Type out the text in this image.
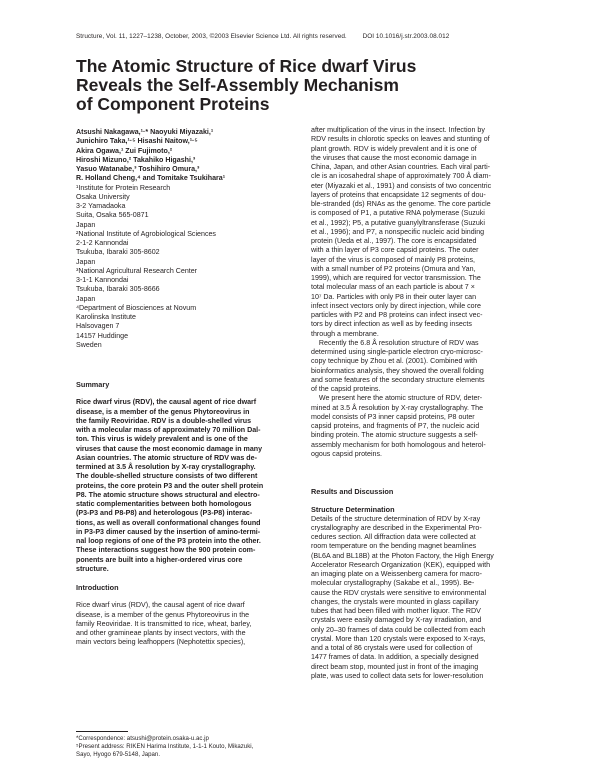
Structure, Vol. 11, 1227–1238, October, 2003, ©2003 Elsevier Science Ltd. All rights reserved. DOI 10.1016/j.str.2003.08.012
The Atomic Structure of Rice dwarf Virus
Reveals the Self-Assembly Mechanism
of Component Proteins
Atsushi Nakagawa,¹·* Naoyuki Miyazaki,¹
Junichiro Taka,¹·⁵ Hisashi Naitow,¹·⁵
Akira Ogawa,¹ Zui Fujimoto,²
Hiroshi Mizuno,² Takahiko Higashi,³
Yasuo Watanabe,³ Toshihiro Omura,³
R. Holland Cheng,⁴ and Tomitake Tsukihara¹
¹Institute for Protein Research
Osaka University
3-2 Yamadaoka
Suita, Osaka 565-0871
Japan
²National Institute of Agrobiological Sciences
2-1-2 Kannondai
Tsukuba, Ibaraki 305-8602
Japan
³National Agricultural Research Center
3-1-1 Kannondai
Tsukuba, Ibaraki 305-8666
Japan
⁴Department of Biosciences at Novum
Karolinska Institute
Halsovagen 7
14157 Huddinge
Sweden
Summary
Rice dwarf virus (RDV), the causal agent of rice dwarf
disease, is a member of the genus Phytoreovirus in
the family Reoviridae. RDV is a double-shelled virus
with a molecular mass of approximately 70 million Dal-
ton. This virus is widely prevalent and is one of the
viruses that cause the most economic damage in many
Asian countries. The atomic structure of RDV was de-
termined at 3.5 Å resolution by X-ray crystallography.
The double-shelled structure consists of two different
proteins, the core protein P3 and the outer shell protein
P8. The atomic structure shows structural and electro-
static complementarities between both homologous
(P3-P3 and P8-P8) and heterologous (P3-P8) interac-
tions, as well as overall conformational changes found
in P3-P3 dimer caused by the insertion of amino-termi-
nal loop regions of one of the P3 protein into the other.
These interactions suggest how the 900 protein com-
ponents are built into a higher-ordered virus core
structure.
Introduction
Rice dwarf virus (RDV), the causal agent of rice dwarf
disease, is a member of the genus Phytoreovirus in the
family Reoviridae. It is transmitted to rice, wheat, barley,
and other gramineae plants by insect vectors, with the
main vectors being leafhoppers (Nephotettix species),
*Correspondence: atsushi@protein.osaka-u.ac.jp
⁵Present address: RIKEN Harima Institute, 1-1-1 Kouto, Mikazuki,
Sayo, Hyogo 679-5148, Japan.
after multiplication of the virus in the insect. Infection by
RDV results in chlorotic specks on leaves and stunting of
plant growth. RDV is widely prevalent and it is one of
the viruses that cause the most economic damage in
China, Japan, and other Asian countries. Each viral parti-
cle is an icosahedral shape of approximately 700 Å diam-
eter (Miyazaki et al., 1991) and consists of two concentric
layers of proteins that encapsidate 12 segments of dou-
ble-stranded (ds) RNAs as the genome. The core particle
is composed of P1, a putative RNA polymerase (Suzuki
et al., 1992); P5, a putative guanylyltransferase (Suzuki
et al., 1996); and P7, a nonspecific nucleic acid binding
protein (Ueda et al., 1997). The core is encapsidated
with a thin layer of P3 core capsid proteins. The outer
layer of the virus is composed of mainly P8 proteins,
with a small number of P2 proteins (Omura and Yan,
1999), which are required for vector transmission. The
total molecular mass of an each particle is about 7 ×
10⁷ Da. Particles with only P8 in their outer layer can
infect insect vectors only by direct injection, while core
particles with P2 and P8 proteins can infect insect vec-
tors by direct infection as well as by feeding insects
through a membrane.
Recently the 6.8 Å resolution structure of RDV was
determined using single-particle electron cryo-microsc-
copy technique by Zhou et al. (2001). Combined with
bioinformatics analysis, they showed the overall folding
and some features of the secondary structure elements
of the capsid proteins.
We present here the atomic structure of RDV, deter-
mined at 3.5 Å resolution by X-ray crystallography. The
model consists of P3 inner capsid proteins, P8 outer
capsid proteins, and fragments of P7, the nucleic acid
binding protein. The atomic structure suggests a self-
assembly mechanism for both homologous and heterol-
ogous capsid proteins.
Results and Discussion
Structure Determination
Details of the structure determination of RDV by X-ray
crystallography are described in the Experimental Pro-
cedures section. All diffraction data were collected at
room temperature on the bending magnet beamlines
(BL6A and BL18B) at the Photon Factory, the High Energy
Accelerator Research Organization (KEK), equipped with
an imaging plate on a Weissenberg camera for macro-
molecular crystallography (Sakabe et al., 1995). Be-
cause the RDV crystals were sensitive to environmental
changes, the crystals were mounted in glass capillary
tubes that had been filled with mother liquor. The RDV
crystals were easily damaged by X-ray irradiation, and
only 20–30 frames of data could be collected from each
crystal. More than 120 crystals were exposed to X-rays,
and a total of 86 crystals were used for collection of
1477 frames of data. In addition, a specially designed
direct beam stop, mounted just in front of the imaging
plate, was used to collect data sets for lower-resolution
